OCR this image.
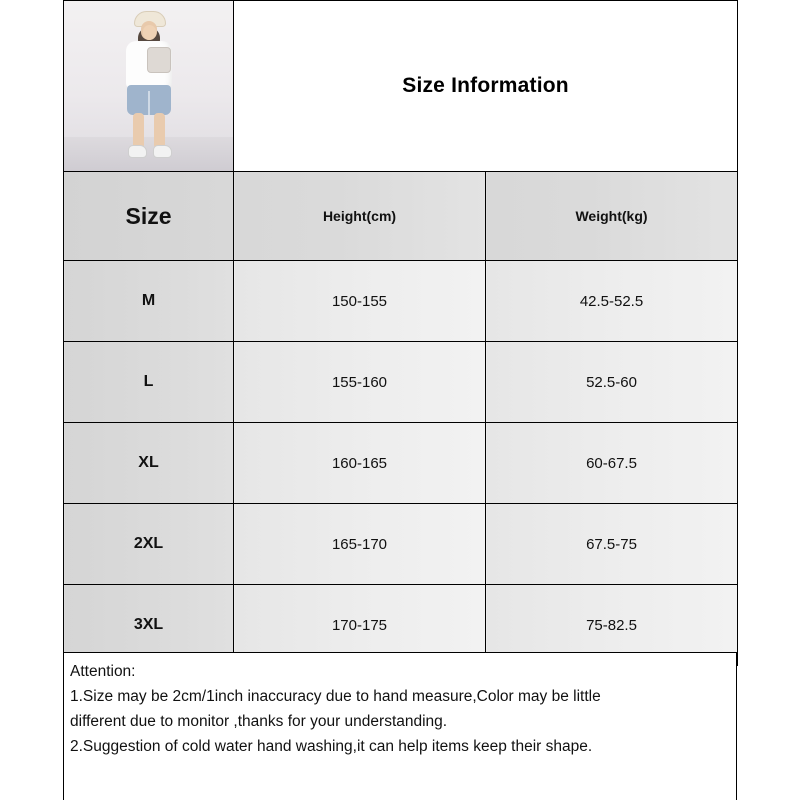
	Size Information	

Size	Height(cm)	Weight(kg)
M	150-155	42.5-52.5
L	155-160	52.5-60
XL	160-165	60-67.5
2XL	165-170	67.5-75
3XL	170-175	75-82.5

Attention:

1.Size may be 2cm/1inch inaccuracy due to hand measure,Color may be little

different due to monitor ,thanks for your understanding.

2.Suggestion of cold water hand washing,it can help items keep their shape.
